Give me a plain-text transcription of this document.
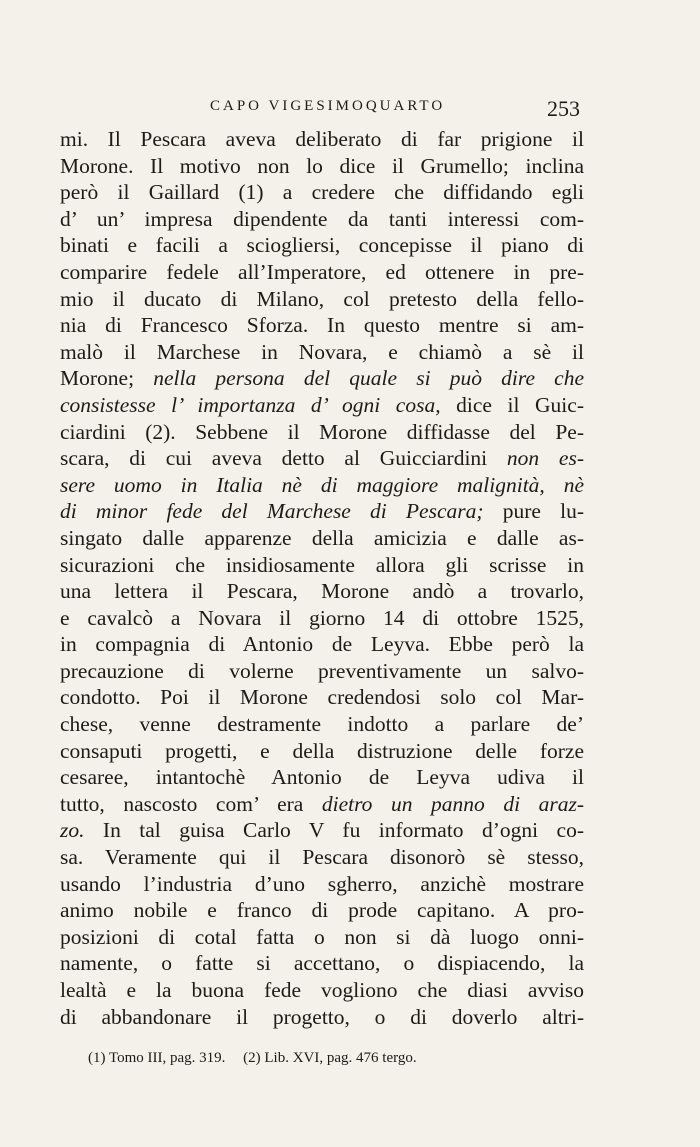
CAPO VIGESIMOQUARTO	253
mi. Il Pescara aveva deliberato di far prigione il
Morone. Il motivo non lo dice il Grumello; inclina
però il Gaillard (1) a credere che diffidando egli
d’ un’ impresa dipendente da tanti interessi com-
binati e facili a sciogliersi, concepisse il piano di
comparire fedele all’Imperatore, ed ottenere in pre-
mio il ducato di Milano, col pretesto della fello-
nia di Francesco Sforza. In questo mentre si am-
malò il Marchese in Novara, e chiamò a sè il
Morone; nella persona del quale si può dire che
consistesse l’ importanza d’ ogni cosa, dice il Guic-
ciardini (2). Sebbene il Morone diffidasse del Pe-
scara, di cui aveva detto al Guicciardini non es-
sere uomo in Italia nè di maggiore malignità, nè
di minor fede del Marchese di Pescara; pure lu-
singato dalle apparenze della amicizia e dalle as-
sicurazioni che insidiosamente allora gli scrisse in
una lettera il Pescara, Morone andò a trovarlo,
e cavalcò a Novara il giorno 14 di ottobre 1525,
in compagnia di Antonio de Leyva. Ebbe però la
precauzione di volerne preventivamente un salvo-
condotto. Poi il Morone credendosi solo col Mar-
chese, venne destramente indotto a parlare de’
consaputi progetti, e della distruzione delle forze
cesaree, intantochè Antonio de Leyva udiva il
tutto, nascosto com’ era dietro un panno di araz-
zo. In tal guisa Carlo V fu informato d’ogni co-
sa. Veramente qui il Pescara disonorò sè stesso,
usando l’industria d’uno sgherro, anzichè mostrare
animo nobile e franco di prode capitano. A pro-
posizioni di cotal fatta o non si dà luogo onni-
namente, o fatte si accettano, o dispiacendo, la
lealtà e la buona fede vogliono che diasi avviso
di abbandonare il progetto, o di doverlo altri-
(1) Tomo III, pag. 319. (2) Lib. XVI, pag. 476 tergo.
